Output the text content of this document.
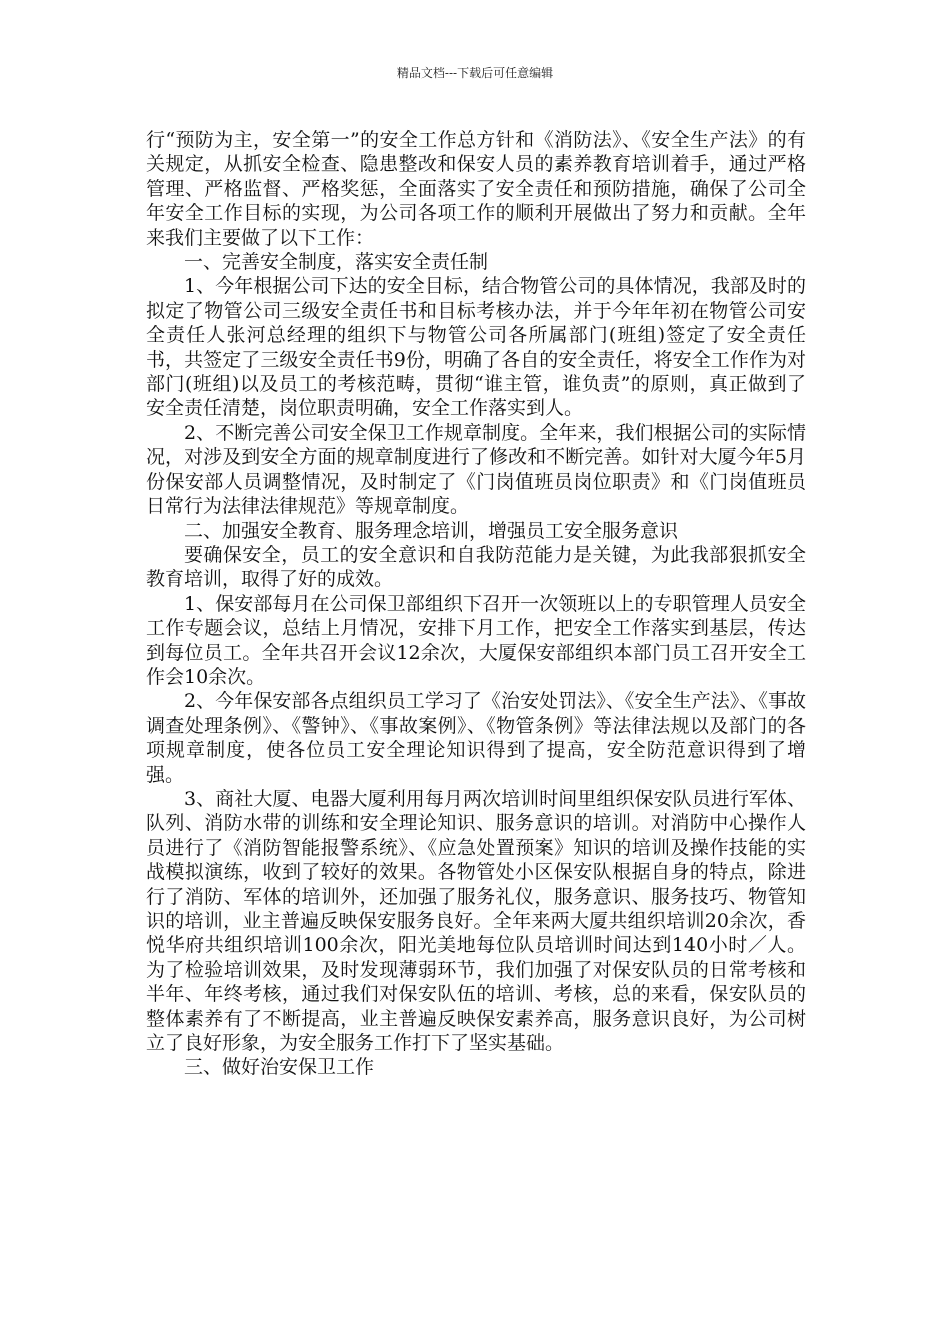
精品文档---下载后可任意编辑

行“预防为主，安全第一”的安全工作总方针和《消防法》、《安全生产法》的有关规定，从抓安全检查、隐患整改和保安人员的素养教育培训着手，通过严格管理、严格监督、严格奖惩，全面落实了安全责任和预防措施，确保了公司全年安全工作目标的实现，为公司各项工作的顺利开展做出了努力和贡献。全年来我们主要做了以下工作：

一、完善安全制度，落实安全责任制

1、今年根据公司下达的安全目标，结合物管公司的具体情况，我部及时的拟定了物管公司三级安全责任书和目标考核办法，并于今年年初在物管公司安全责任人张河总经理的组织下与物管公司各所属部门(班组)签定了安全责任书，共签定了三级安全责任书9份，明确了各自的安全责任，将安全工作作为对部门(班组)以及员工的考核范畴，贯彻“谁主管，谁负责”的原则，真正做到了安全责任清楚，岗位职责明确，安全工作落实到人。

2、不断完善公司安全保卫工作规章制度。全年来，我们根据公司的实际情况，对涉及到安全方面的规章制度进行了修改和不断完善。如针对大厦今年5月份保安部人员调整情况，及时制定了《门岗值班员岗位职责》和《门岗值班员日常行为法律法律规范》等规章制度。

二、加强安全教育、服务理念培训，增强员工安全服务意识

要确保安全，员工的安全意识和自我防范能力是关键，为此我部狠抓安全教育培训，取得了好的成效。

1、保安部每月在公司保卫部组织下召开一次领班以上的专职管理人员安全工作专题会议，总结上月情况，安排下月工作，把安全工作落实到基层，传达到每位员工。全年共召开会议12余次，大厦保安部组织本部门员工召开安全工作会10余次。

2、今年保安部各点组织员工学习了《治安处罚法》、《安全生产法》、《事故调查处理条例》、《警钟》、《事故案例》、《物管条例》等法律法规以及部门的各项规章制度，使各位员工安全理论知识得到了提高，安全防范意识得到了增强。

3、商社大厦、电器大厦利用每月两次培训时间里组织保安队员进行军体、队列、消防水带的训练和安全理论知识、服务意识的培训。对消防中心操作人员进行了《消防智能报警系统》、《应急处置预案》知识的培训及操作技能的实战模拟演练，收到了较好的效果。各物管处小区保安队根据自身的特点，除进行了消防、军体的培训外，还加强了服务礼仪，服务意识、服务技巧、物管知识的培训，业主普遍反映保安服务良好。全年来两大厦共组织培训20余次，香悦华府共组织培训100余次，阳光美地每位队员培训时间达到140小时／人。为了检验培训效果，及时发现薄弱环节，我们加强了对保安队员的日常考核和半年、年终考核，通过我们对保安队伍的培训、考核，总的来看，保安队员的整体素养有了不断提高，业主普遍反映保安素养高，服务意识良好，为公司树立了良好形象，为安全服务工作打下了坚实基础。

三、做好治安保卫工作
